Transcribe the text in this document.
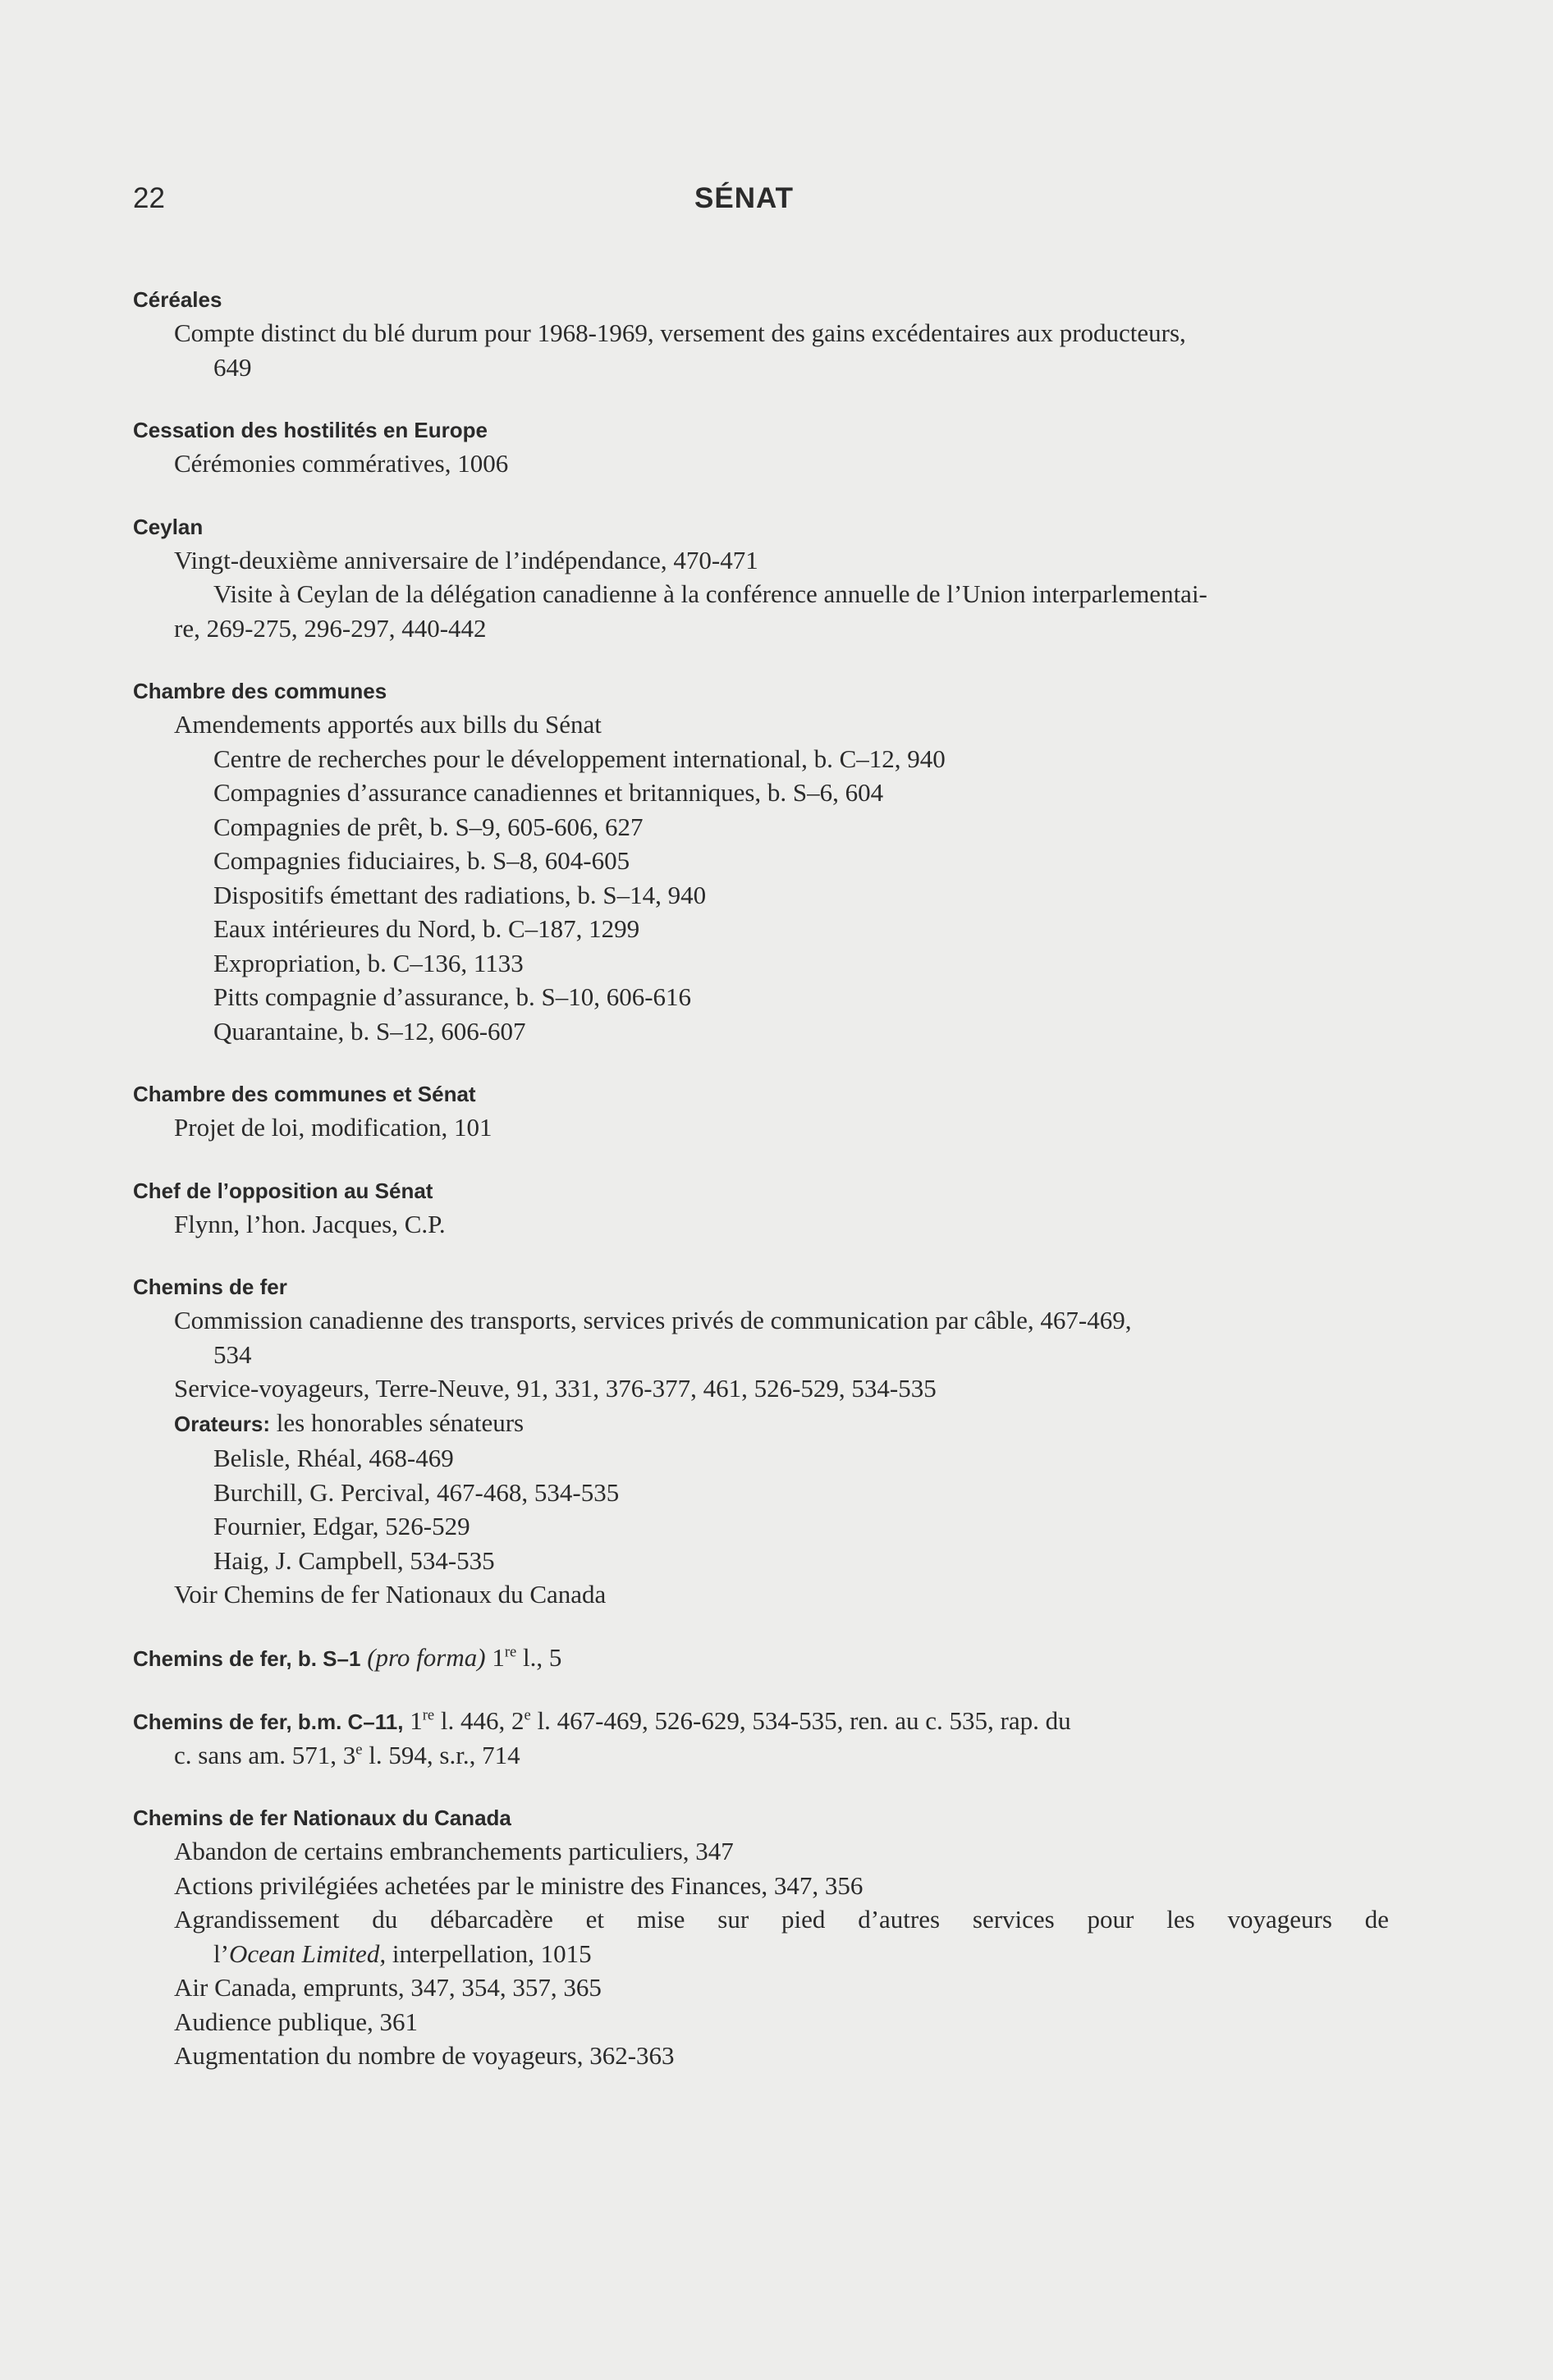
22	SÉNAT
Céréales
Compte distinct du blé durum pour 1968-1969, versement des gains excédentaires aux producteurs,
649
Cessation des hostilités en Europe
Cérémonies commératives, 1006
Ceylan
Vingt-deuxième anniversaire de l’indépendance, 470-471
Visite à Ceylan de la délégation canadienne à la conférence annuelle de l’Union interparlementai-
re, 269-275, 296-297, 440-442
Chambre des communes
Amendements apportés aux bills du Sénat
Centre de recherches pour le développement international, b. C–12, 940
Compagnies d’assurance canadiennes et britanniques, b. S–6, 604
Compagnies de prêt, b. S–9, 605-606, 627
Compagnies fiduciaires, b. S–8, 604-605
Dispositifs émettant des radiations, b. S–14, 940
Eaux intérieures du Nord, b. C–187, 1299
Expropriation, b. C–136, 1133
Pitts compagnie d’assurance, b. S–10, 606-616
Quarantaine, b. S–12, 606-607
Chambre des communes et Sénat
Projet de loi, modification, 101
Chef de l’opposition au Sénat
Flynn, l’hon. Jacques, C.P.
Chemins de fer
Commission canadienne des transports, services privés de communication par câble, 467-469,
534
Service-voyageurs, Terre-Neuve, 91, 331, 376-377, 461, 526-529, 534-535
Orateurs: les honorables sénateurs
Belisle, Rhéal, 468-469
Burchill, G. Percival, 467-468, 534-535
Fournier, Edgar, 526-529
Haig, J. Campbell, 534-535
Voir Chemins de fer Nationaux du Canada
Chemins de fer, b. S–1 (pro forma) 1re l., 5
Chemins de fer, b.m. C–11, 1re l. 446, 2e l. 467-469, 526-629, 534-535, ren. au c. 535, rap. du
c. sans am. 571, 3e l. 594, s.r., 714
Chemins de fer Nationaux du Canada
Abandon de certains embranchements particuliers, 347
Actions privilégiées achetées par le ministre des Finances, 347, 356
Agrandissement du débarcadère et mise sur pied d’autres services pour les voyageurs de
l’Ocean Limited, interpellation, 1015
Air Canada, emprunts, 347, 354, 357, 365
Audience publique, 361
Augmentation du nombre de voyageurs, 362-363
